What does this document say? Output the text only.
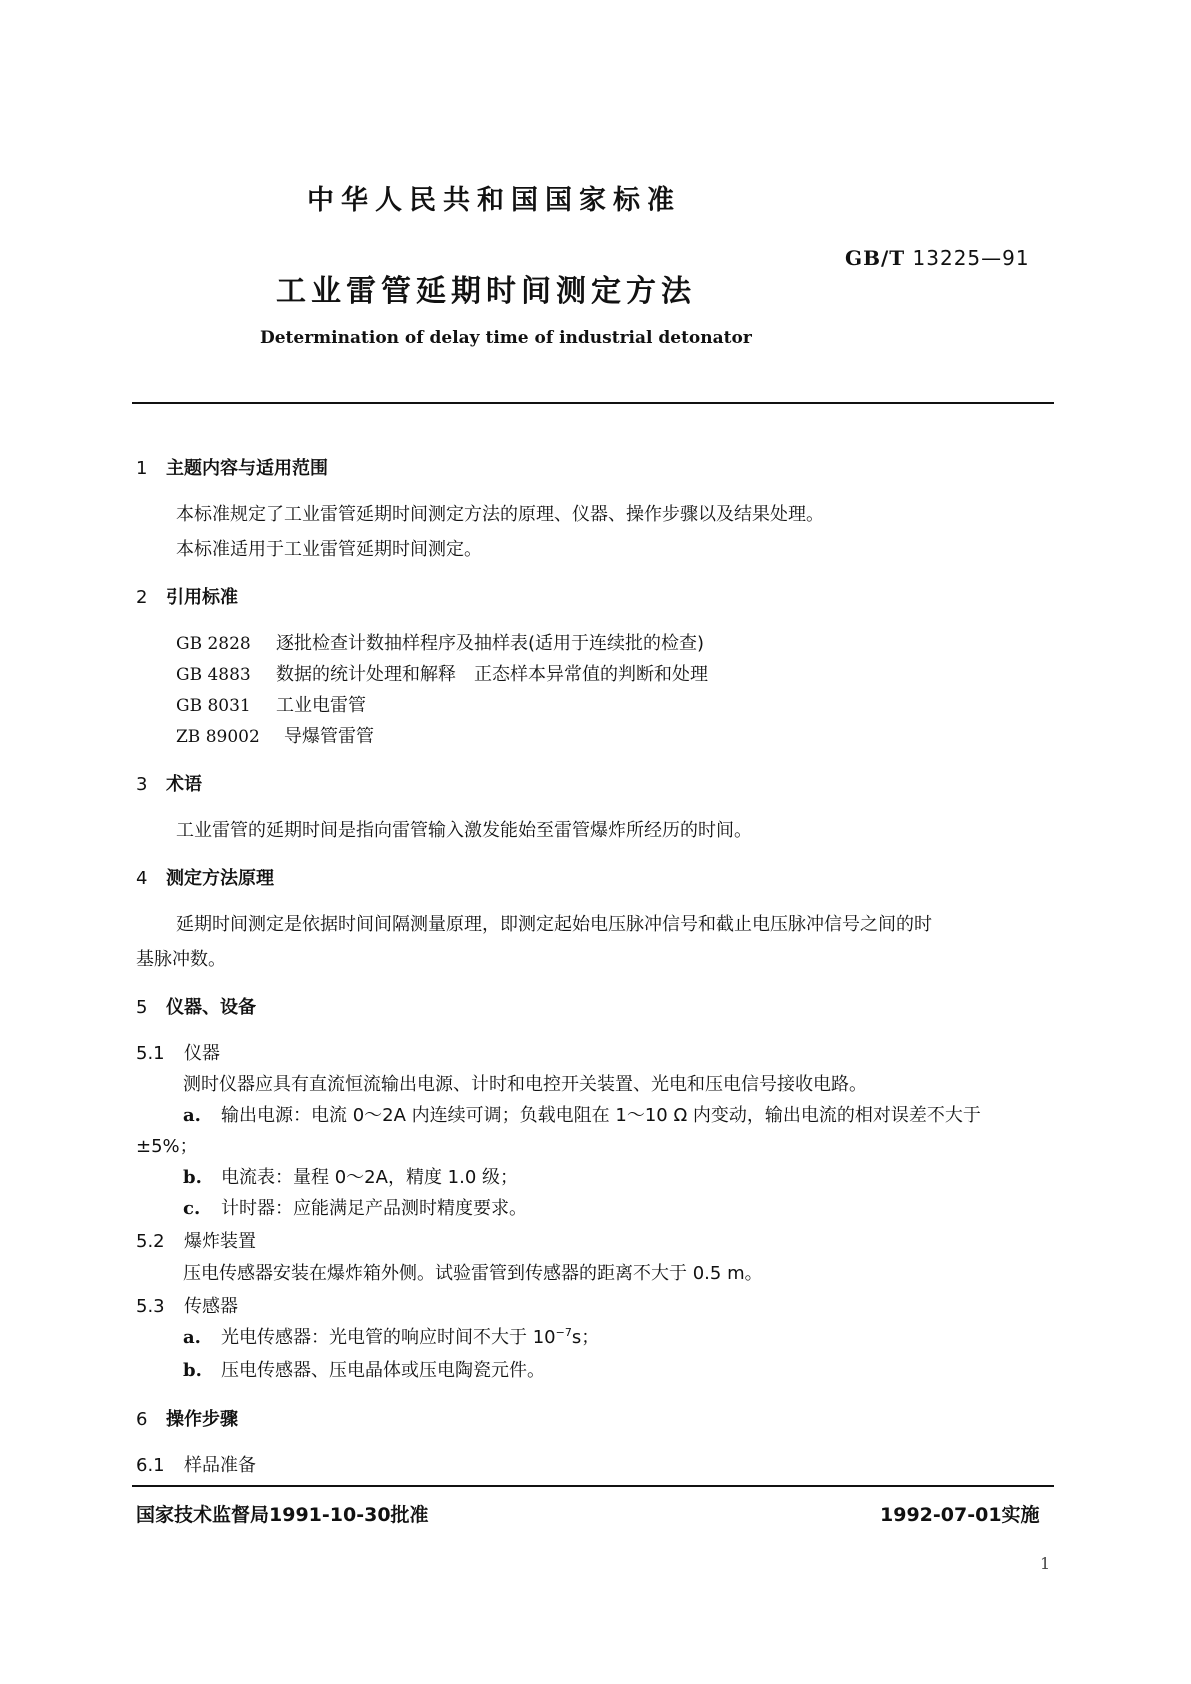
中华人民共和国国家标准
GB/T 13225—91
工业雷管延期时间测定方法
Determination of delay time of industrial detonator
1 主题内容与适用范围
本标准规定了工业雷管延期时间测定方法的原理、仪器、操作步骤以及结果处理。
本标准适用于工业雷管延期时间测定。
2 引用标准
GB 2828 逐批检查计数抽样程序及抽样表(适用于连续批的检查)
GB 4883 数据的统计处理和解释　正态样本异常值的判断和处理
GB 8031 工业电雷管
ZB 89002 导爆管雷管
3 术语
工业雷管的延期时间是指向雷管输入激发能始至雷管爆炸所经历的时间。
4 测定方法原理
延期时间测定是依据时间间隔测量原理，即测定起始电压脉冲信号和截止电压脉冲信号之间的时
基脉冲数。
5 仪器、设备
5.1 仪器
测时仪器应具有直流恒流输出电源、计时和电控开关装置、光电和压电信号接收电路。
a. 输出电源：电流 0～2A 内连续可调；负载电阻在 1～10 Ω 内变动，输出电流的相对误差不大于
±5%；
b. 电流表：量程 0～2A，精度 1.0 级；
c. 计时器：应能满足产品测时精度要求。
5.2 爆炸装置
压电传感器安装在爆炸箱外侧。试验雷管到传感器的距离不大于 0.5 m。
5.3 传感器
a. 光电传感器：光电管的响应时间不大于 $10^{-7}s$；
b. 压电传感器、压电晶体或压电陶瓷元件。
6 操作步骤
6.1 样品准备
国家技术监督局1991-10-30批准	1992-07-01实施
1
